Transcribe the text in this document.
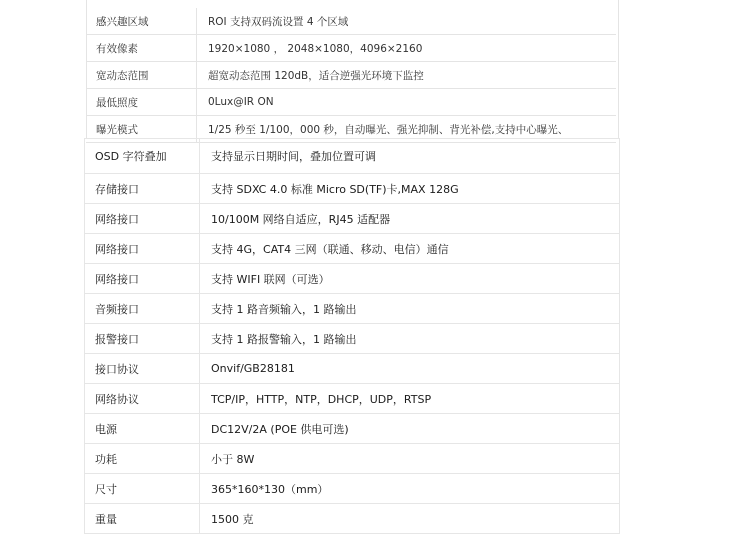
感兴趣区域	ROI 支持双码流设置 4 个区域
有效像素	1920×1080 ， 2048×1080，4096×2160
宽动态范围	超宽动态范围 120dB，适合逆强光环境下监控
最低照度	0Lux@IR ON
曝光模式	1/25 秒至 1/100，000 秒，自动曝光、强光抑制、背光补偿,支持中心曝光、
OSD 字符叠加	支持显示日期时间，叠加位置可调
存储接口	支持 SDXC 4.0 标准 Micro SD(TF)卡,MAX 128G
网络接口	10/100M 网络自适应，RJ45 适配器
网络接口	支持 4G，CAT4 三网（联通、移动、电信）通信
网络接口	支持 WIFI 联网（可选）
音频接口	支持 1 路音频输入，1 路输出
报警接口	支持 1 路报警输入，1 路输出
接口协议	Onvif/GB28181
网络协议	TCP/IP，HTTP，NTP，DHCP，UDP，RTSP
电源	DC12V/2A (POE 供电可选)
功耗	小于 8W
尺寸	365*160*130（mm）
重量	1500 克
